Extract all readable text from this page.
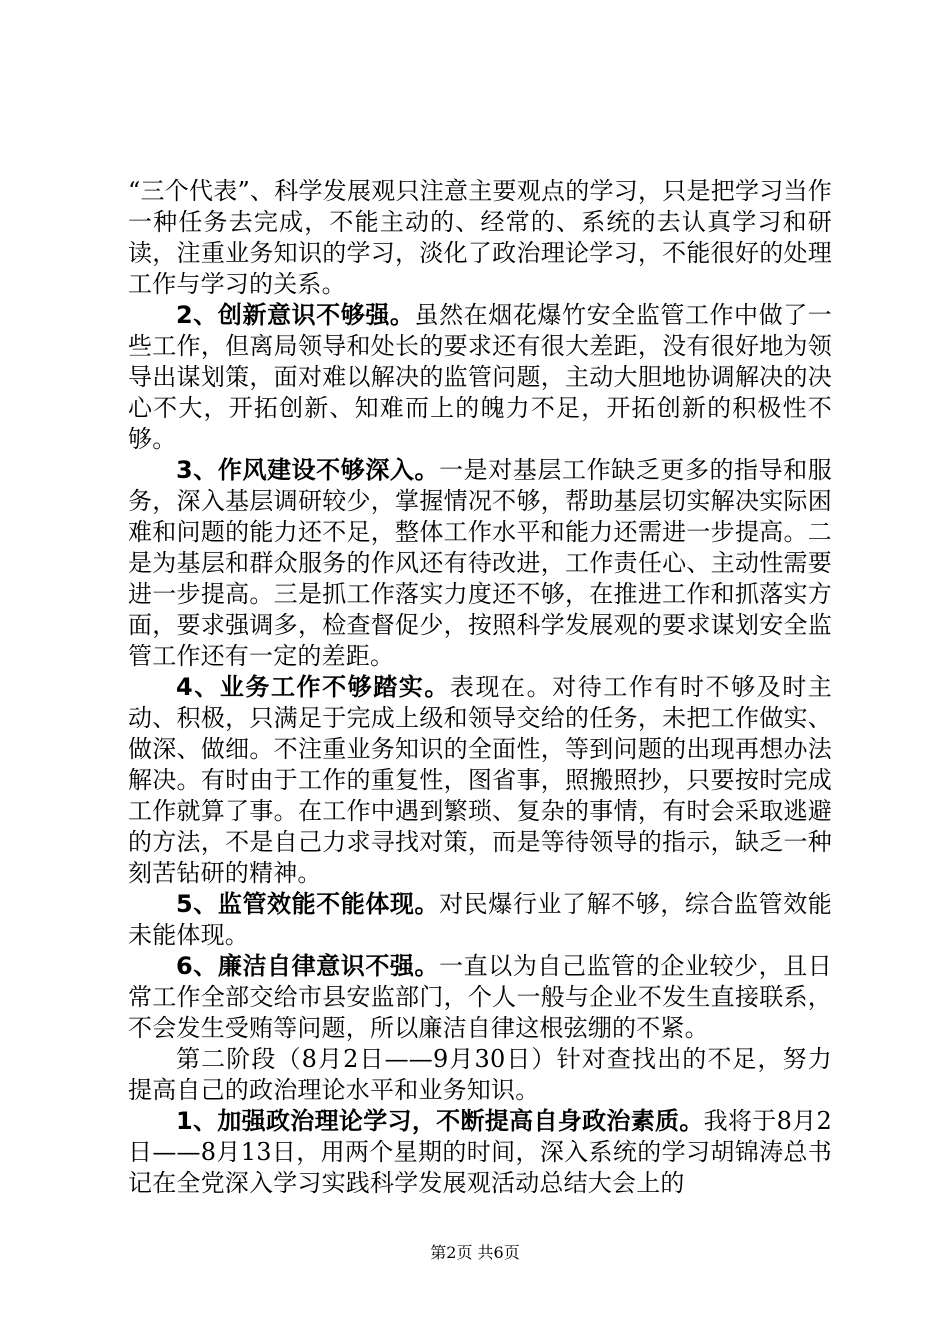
“三个代表”、科学发展观只注意主要观点的学习，只是把学习当作一种任务去完成，不能主动的、经常的、系统的去认真学习和研读，注重业务知识的学习，淡化了政治理论学习，不能很好的处理工作与学习的关系。

2、创新意识不够强。虽然在烟花爆竹安全监管工作中做了一些工作，但离局领导和处长的要求还有很大差距，没有很好地为领导出谋划策，面对难以解决的监管问题，主动大胆地协调解决的决心不大，开拓创新、知难而上的魄力不足，开拓创新的积极性不够。

3、作风建设不够深入。一是对基层工作缺乏更多的指导和服务，深入基层调研较少，掌握情况不够，帮助基层切实解决实际困难和问题的能力还不足，整体工作水平和能力还需进一步提高。二是为基层和群众服务的作风还有待改进，工作责任心、主动性需要进一步提高。三是抓工作落实力度还不够，在推进工作和抓落实方面，要求强调多，检查督促少，按照科学发展观的要求谋划安全监管工作还有一定的差距。

4、业务工作不够踏实。表现在。对待工作有时不够及时主动、积极，只满足于完成上级和领导交给的任务，未把工作做实、做深、做细。不注重业务知识的全面性，等到问题的出现再想办法解决。有时由于工作的重复性，图省事，照搬照抄，只要按时完成工作就算了事。在工作中遇到繁琐、复杂的事情，有时会采取逃避的方法，不是自己力求寻找对策，而是等待领导的指示，缺乏一种刻苦钻研的精神。

5、监管效能不能体现。对民爆行业了解不够，综合监管效能未能体现。

6、廉洁自律意识不强。一直以为自己监管的企业较少，且日常工作全部交给市县安监部门，个人一般与企业不发生直接联系，不会发生受贿等问题，所以廉洁自律这根弦绷的不紧。

第二阶段（8月2日——9月30日）针对查找出的不足，努力提高自己的政治理论水平和业务知识。

1、加强政治理论学习，不断提高自身政治素质。我将于8月2日——8月13日，用两个星期的时间，深入系统的学习胡锦涛总书记在全党深入学习实践科学发展观活动总结大会上的

第2页 共6页
